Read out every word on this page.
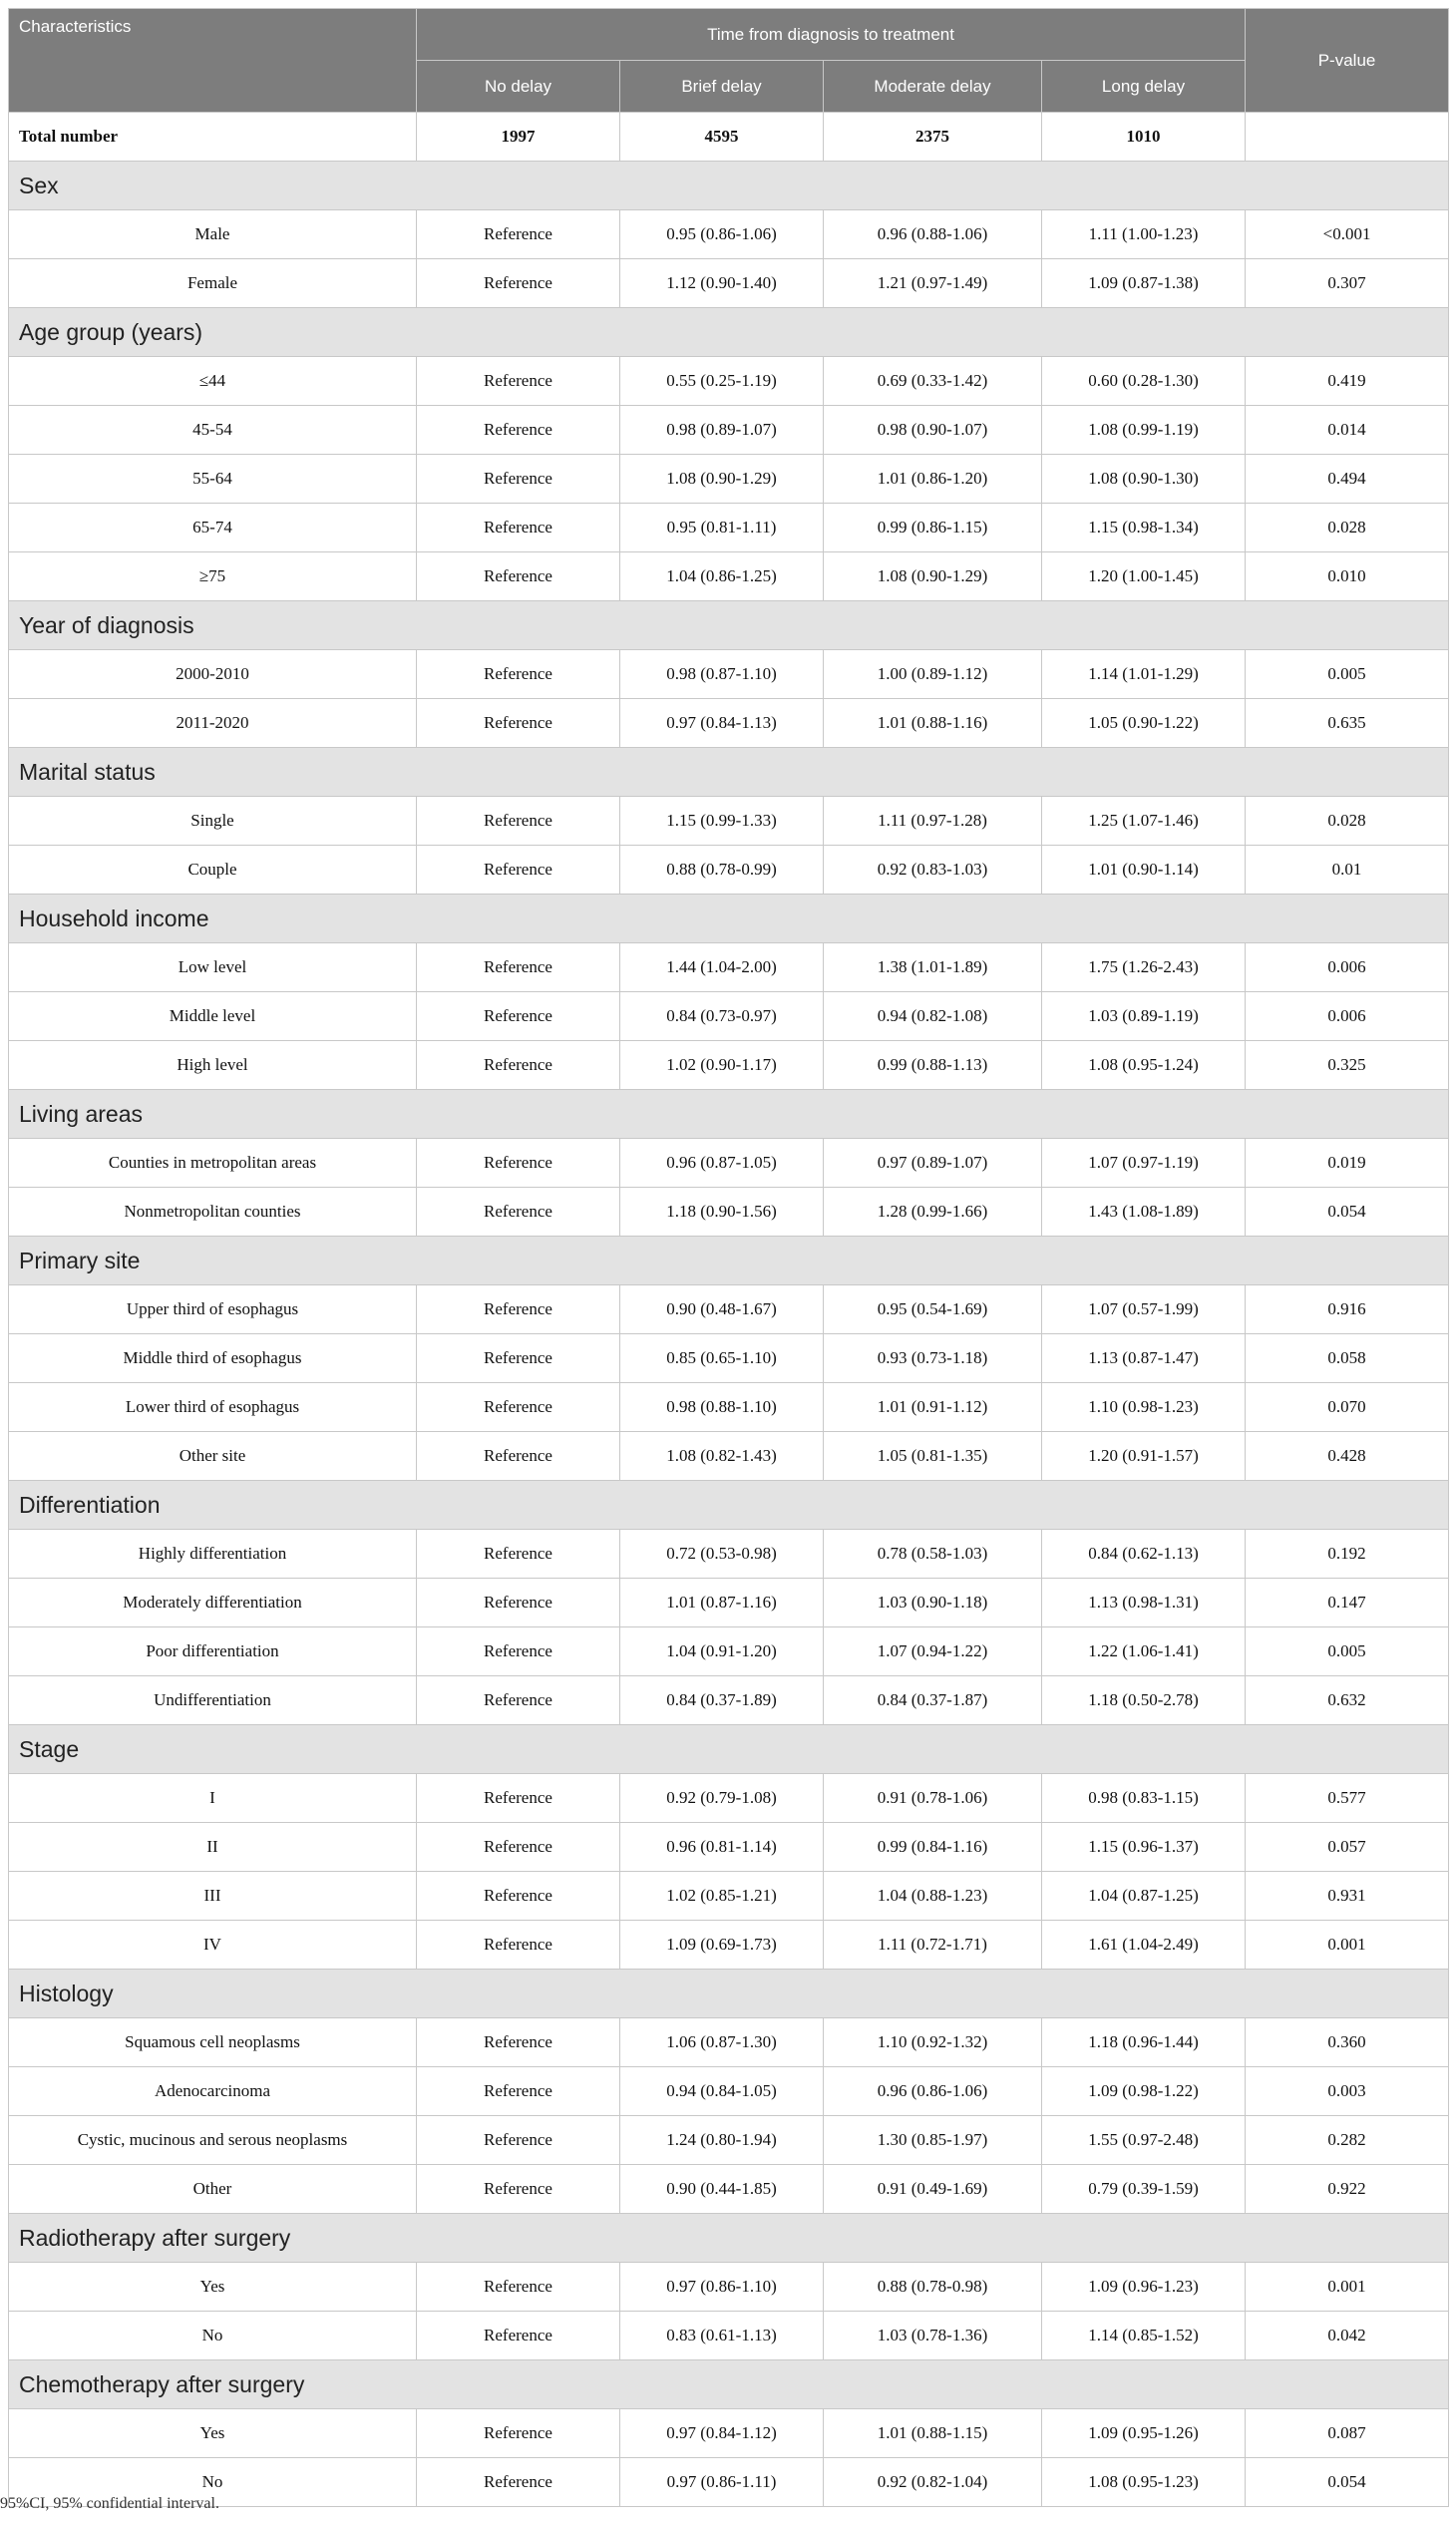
Characteristics	Time from diagnosis to treatment				P-value
	No delay	Brief delay	Moderate delay	Long delay	
Total number	1997	4595	2375	1010	
Sex					
Male	Reference	0.95 (0.86-1.06)	0.96 (0.88-1.06)	1.11 (1.00-1.23)	<0.001
Female	Reference	1.12 (0.90-1.40)	1.21 (0.97-1.49)	1.09 (0.87-1.38)	0.307
Age group (years)					
≤44	Reference	0.55 (0.25-1.19)	0.69 (0.33-1.42)	0.60 (0.28-1.30)	0.419
45-54	Reference	0.98 (0.89-1.07)	0.98 (0.90-1.07)	1.08 (0.99-1.19)	0.014
55-64	Reference	1.08 (0.90-1.29)	1.01 (0.86-1.20)	1.08 (0.90-1.30)	0.494
65-74	Reference	0.95 (0.81-1.11)	0.99 (0.86-1.15)	1.15 (0.98-1.34)	0.028
≥75	Reference	1.04 (0.86-1.25)	1.08 (0.90-1.29)	1.20 (1.00-1.45)	0.010
Year of diagnosis					
2000-2010	Reference	0.98 (0.87-1.10)	1.00 (0.89-1.12)	1.14 (1.01-1.29)	0.005
2011-2020	Reference	0.97 (0.84-1.13)	1.01 (0.88-1.16)	1.05 (0.90-1.22)	0.635
Marital status					
Single	Reference	1.15 (0.99-1.33)	1.11 (0.97-1.28)	1.25 (1.07-1.46)	0.028
Couple	Reference	0.88 (0.78-0.99)	0.92 (0.83-1.03)	1.01 (0.90-1.14)	0.01
Household income					
Low level	Reference	1.44 (1.04-2.00)	1.38 (1.01-1.89)	1.75 (1.26-2.43)	0.006
Middle level	Reference	0.84 (0.73-0.97)	0.94 (0.82-1.08)	1.03 (0.89-1.19)	0.006
High level	Reference	1.02 (0.90-1.17)	0.99 (0.88-1.13)	1.08 (0.95-1.24)	0.325
Living areas					
Counties in metropolitan areas	Reference	0.96 (0.87-1.05)	0.97 (0.89-1.07)	1.07 (0.97-1.19)	0.019
Nonmetropolitan counties	Reference	1.18 (0.90-1.56)	1.28 (0.99-1.66)	1.43 (1.08-1.89)	0.054
Primary site					
Upper third of esophagus	Reference	0.90 (0.48-1.67)	0.95 (0.54-1.69)	1.07 (0.57-1.99)	0.916
Middle third of esophagus	Reference	0.85 (0.65-1.10)	0.93 (0.73-1.18)	1.13 (0.87-1.47)	0.058
Lower third of esophagus	Reference	0.98 (0.88-1.10)	1.01 (0.91-1.12)	1.10 (0.98-1.23)	0.070
Other site	Reference	1.08 (0.82-1.43)	1.05 (0.81-1.35)	1.20 (0.91-1.57)	0.428
Differentiation					
Highly differentiation	Reference	0.72 (0.53-0.98)	0.78 (0.58-1.03)	0.84 (0.62-1.13)	0.192
Moderately differentiation	Reference	1.01 (0.87-1.16)	1.03 (0.90-1.18)	1.13 (0.98-1.31)	0.147
Poor differentiation	Reference	1.04 (0.91-1.20)	1.07 (0.94-1.22)	1.22 (1.06-1.41)	0.005
Undifferentiation	Reference	0.84 (0.37-1.89)	0.84 (0.37-1.87)	1.18 (0.50-2.78)	0.632
Stage					
I	Reference	0.92 (0.79-1.08)	0.91 (0.78-1.06)	0.98 (0.83-1.15)	0.577
II	Reference	0.96 (0.81-1.14)	0.99 (0.84-1.16)	1.15 (0.96-1.37)	0.057
III	Reference	1.02 (0.85-1.21)	1.04 (0.88-1.23)	1.04 (0.87-1.25)	0.931
IV	Reference	1.09 (0.69-1.73)	1.11 (0.72-1.71)	1.61 (1.04-2.49)	0.001
Histology					
Squamous cell neoplasms	Reference	1.06 (0.87-1.30)	1.10 (0.92-1.32)	1.18 (0.96-1.44)	0.360
Adenocarcinoma	Reference	0.94 (0.84-1.05)	0.96 (0.86-1.06)	1.09 (0.98-1.22)	0.003
Cystic, mucinous and serous neoplasms	Reference	1.24 (0.80-1.94)	1.30 (0.85-1.97)	1.55 (0.97-2.48)	0.282
Other	Reference	0.90 (0.44-1.85)	0.91 (0.49-1.69)	0.79 (0.39-1.59)	0.922
Radiotherapy after surgery					
Yes	Reference	0.97 (0.86-1.10)	0.88 (0.78-0.98)	1.09 (0.96-1.23)	0.001
No	Reference	0.83 (0.61-1.13)	1.03 (0.78-1.36)	1.14 (0.85-1.52)	0.042
Chemotherapy after surgery					
Yes	Reference	0.97 (0.84-1.12)	1.01 (0.88-1.15)	1.09 (0.95-1.26)	0.087
No	Reference	0.97 (0.86-1.11)	0.92 (0.82-1.04)	1.08 (0.95-1.23)	0.054
95%CI, 95% confidential interval.
